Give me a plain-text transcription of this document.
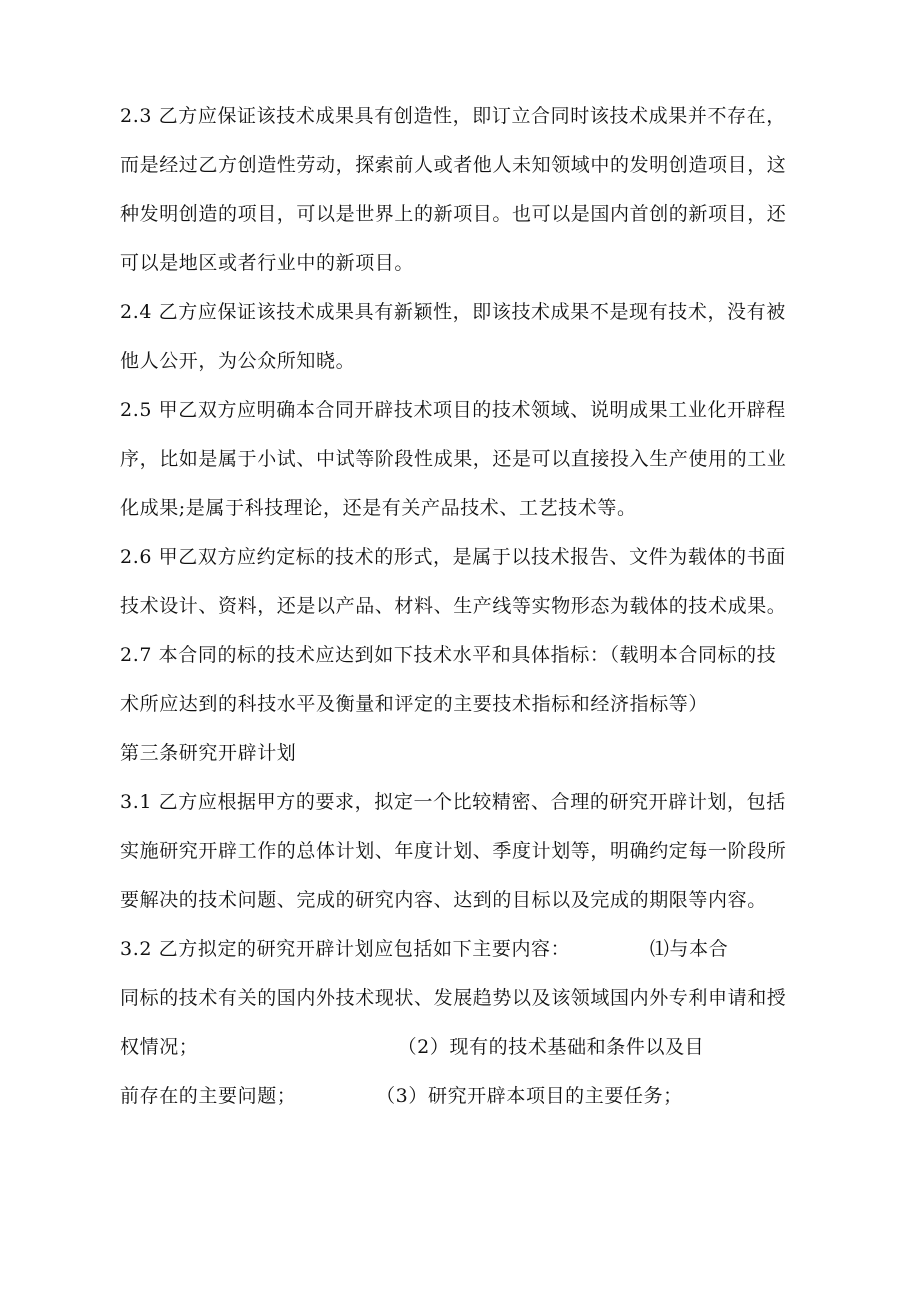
2.3 乙方应保证该技术成果具有创造性，即订立合同时该技术成果并不存在，
而是经过乙方创造性劳动，探索前人或者他人未知领域中的发明创造项目，这
种发明创造的项目，可以是世界上的新项目。也可以是国内首创的新项目，还
可以是地区或者行业中的新项目。
2.4 乙方应保证该技术成果具有新颖性，即该技术成果不是现有技术，没有被
他人公开，为公众所知晓。
2.5 甲乙双方应明确本合同开辟技术项目的技术领域、说明成果工业化开辟程
序，比如是属于小试、中试等阶段性成果，还是可以直接投入生产使用的工业
化成果;是属于科技理论，还是有关产品技术、工艺技术等。
2.6 甲乙双方应约定标的技术的形式，是属于以技术报告、文件为载体的书面
技术设计、资料，还是以产品、材料、生产线等实物形态为载体的技术成果。
2.7 本合同的标的技术应达到如下技术水平和具体指标：（载明本合同标的技
术所应达到的科技水平及衡量和评定的主要技术指标和经济指标等）
第三条研究开辟计划
3.1 乙方应根据甲方的要求，拟定一个比较精密、合理的研究开辟计划，包括
实施研究开辟工作的总体计划、年度计划、季度计划等，明确约定每一阶段所
要解决的技术问题、完成的研究内容、达到的目标以及完成的期限等内容。
3.2 乙方拟定的研究开辟计划应包括如下主要内容：            ⑴与本合
同标的技术有关的国内外技术现状、发展趋势以及该领域国内外专利申请和授
权情况；                              （2）现有的技术基础和条件以及目
前存在的主要问题；            （3）研究开辟本项目的主要任务；
